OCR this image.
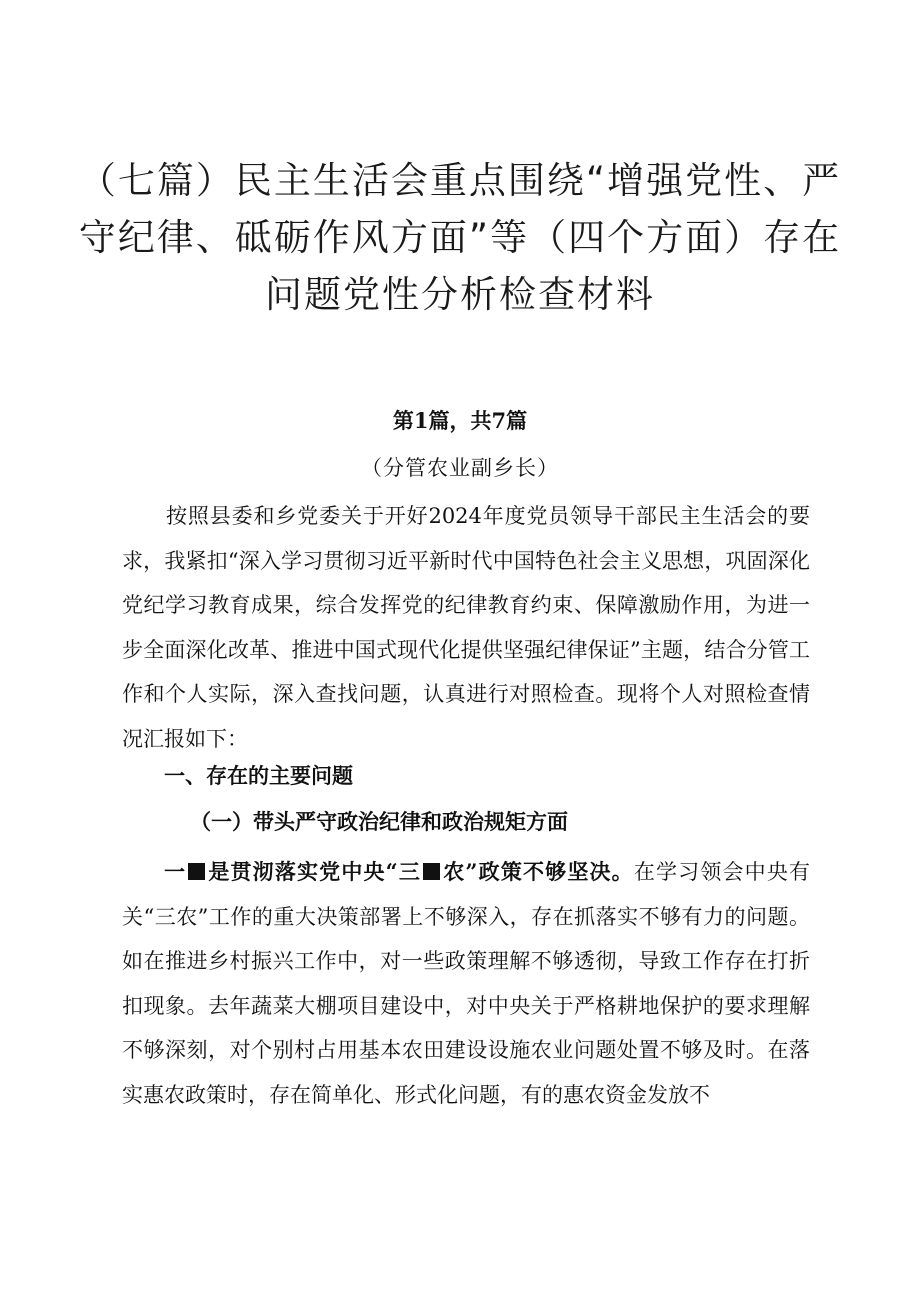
（七篇）民主生活会重点围绕“增强党性、严
守纪律、砥砺作风方面”等（四个方面）存在
问题党性分析检查材料
第1篇，共7篇
（分管农业副乡长）

按照县委和乡党委关于开好2024年度党员领导干部民主生活会的要求，我紧扣“深入学习贯彻习近平新时代中国特色社会主义思想，巩固深化党纪学习教育成果，综合发挥党的纪律教育约束、保障激励作用，为进一步全面深化改革、推进中国式现代化提供坚强纪律保证”主题，结合分管工作和个人实际，深入查找问题，认真进行对照检查。现将个人对照检查情况汇报如下：

一、存在的主要问题
（一）带头严守政治纪律和政治规矩方面

一 是贯沏落实党中央“三 农”政策不够坚决。在学习领会中央有关“三农”工作的重大决策部署上不够深入，存在抓落实不够有力的问题。如在推进乡村振兴工作中，对一些政策理解不够透彻，导致工作存在打折扣现象。去年蔬菜大棚项目建设中，对中央关于严格耕地保护的要求理解不够深刻，对个别村占用基本农田建设设施农业问题处置不够及时。在落实惠农政策时，存在简单化、形式化问题，有的惠农资金发放不
